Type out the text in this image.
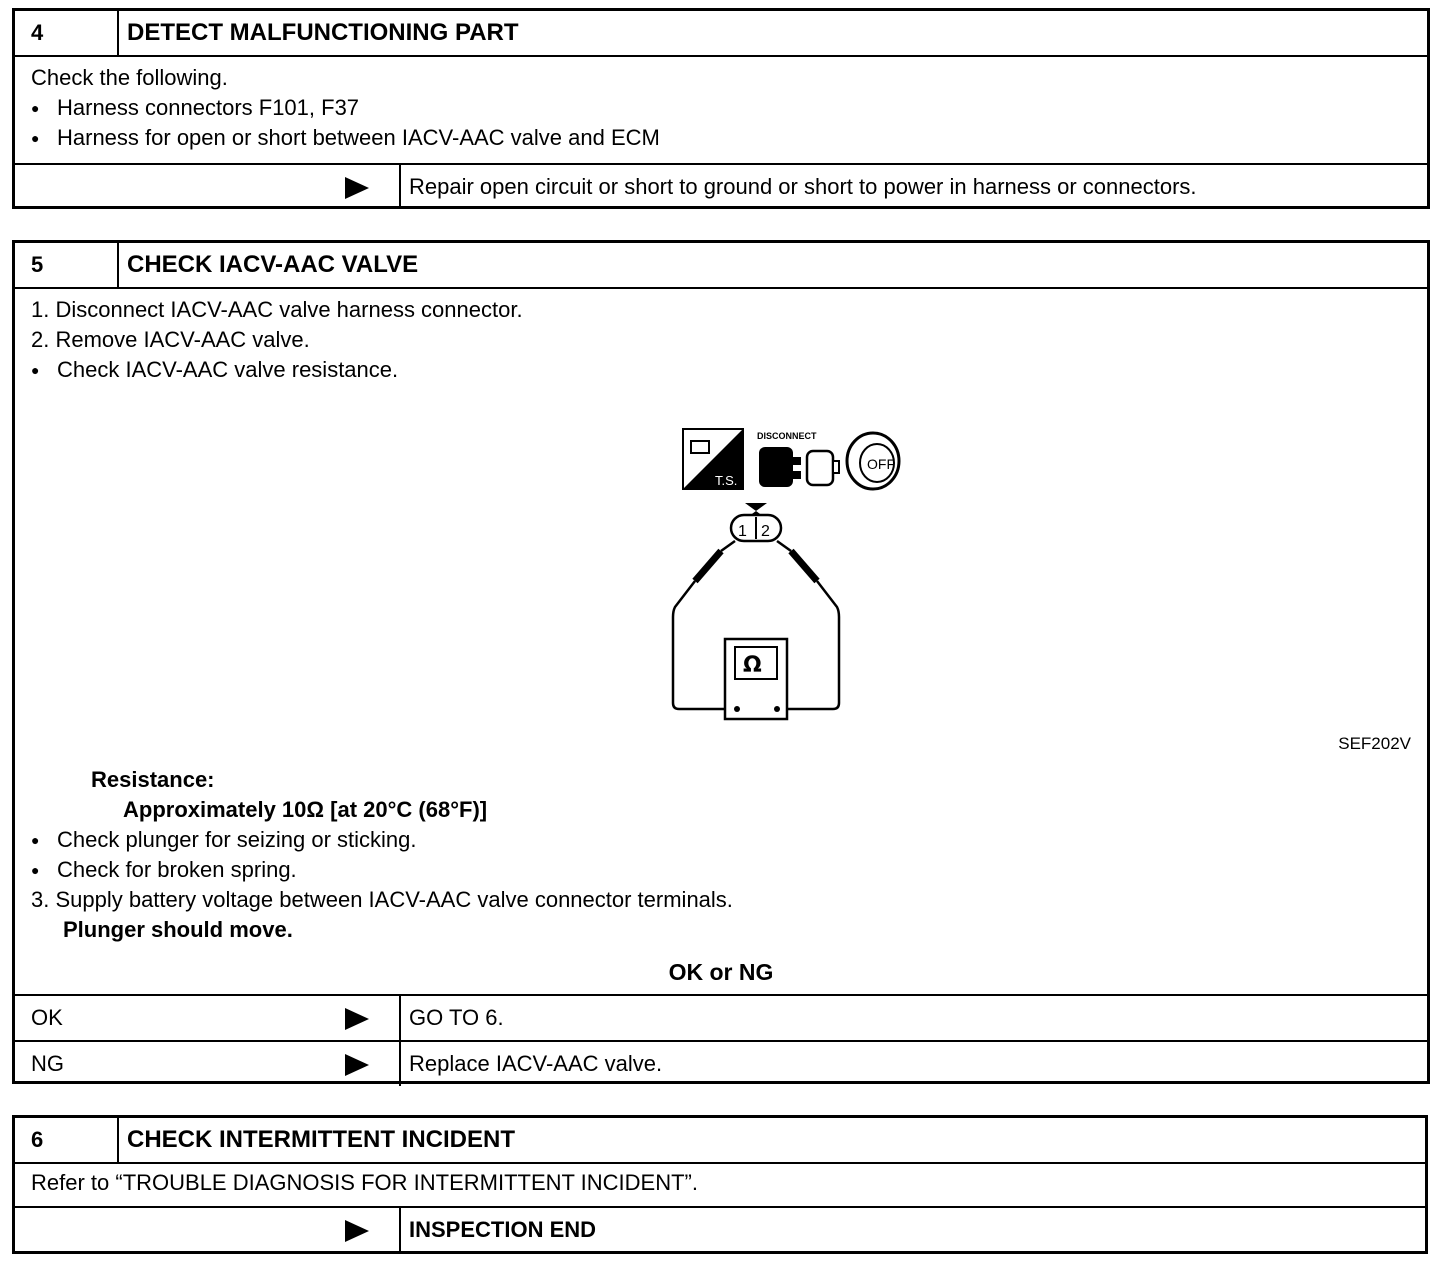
4	DETECT MALFUNCTIONING PART
Check the following.
● Harness connectors F101, F37
● Harness for open or short between IACV-AAC valve and ECM
Repair open circuit or short to ground or short to power in harness or connectors.
5	CHECK IACV-AAC VALVE
1. Disconnect IACV-AAC valve harness connector.
2. Remove IACV-AAC valve.
● Check IACV-AAC valve resistance.
T.S.
DISCONNECT
OFF
1 2
Ω
SEF202V
Resistance:
Approximately 10Ω [at 20°C (68°F)]
● Check plunger for seizing or sticking.
● Check for broken spring.
3. Supply battery voltage between IACV-AAC valve connector terminals.
Plunger should move.
OK or NG
OK	GO TO 6.
NG	Replace IACV-AAC valve.
6	CHECK INTERMITTENT INCIDENT
Refer to “TROUBLE DIAGNOSIS FOR INTERMITTENT INCIDENT”.
INSPECTION END
